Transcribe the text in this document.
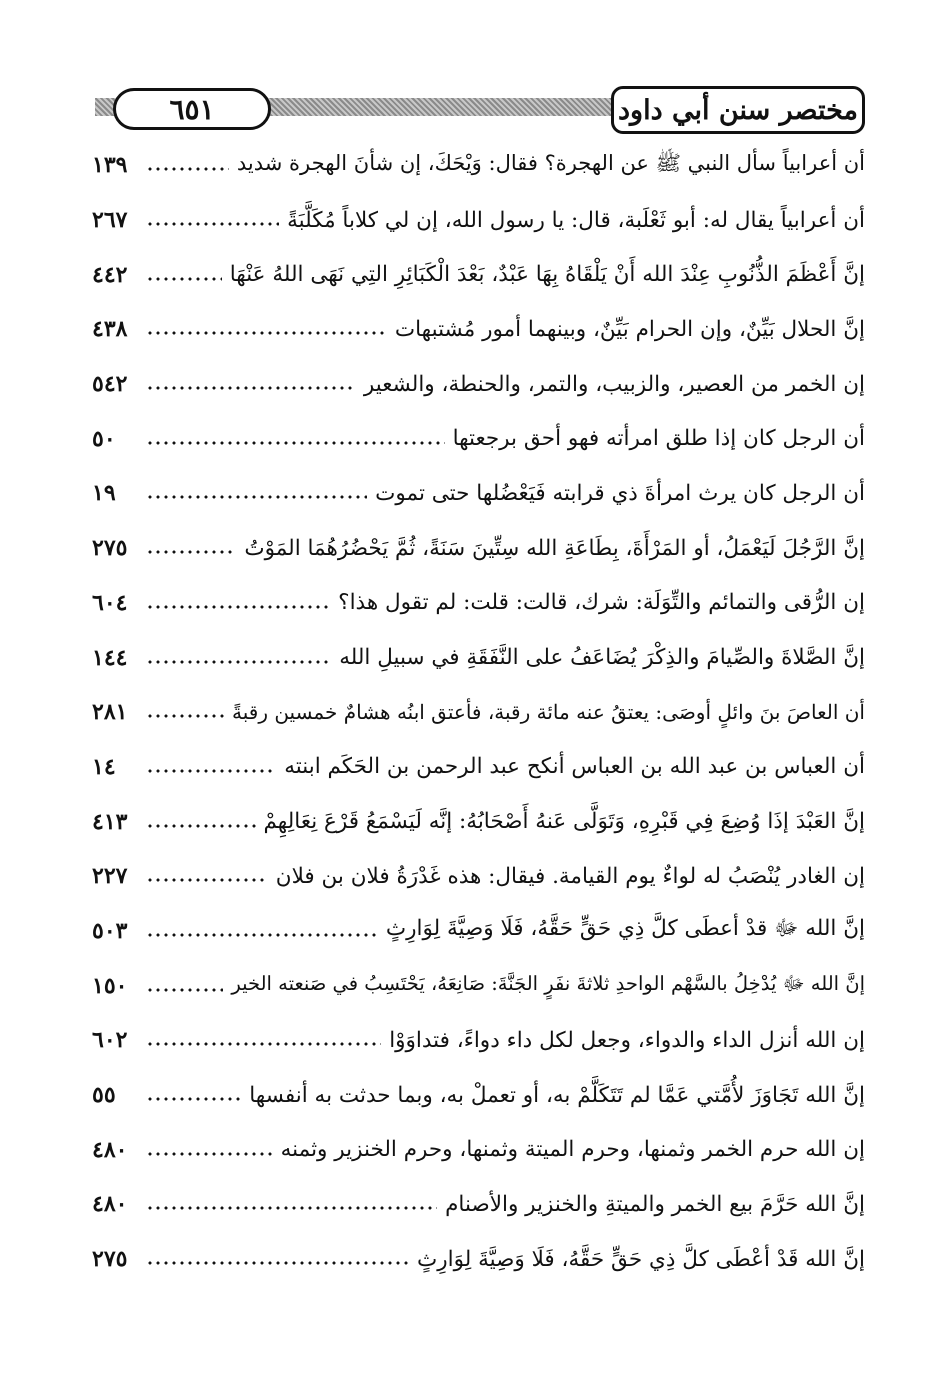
٦٥١	مختصر سنن أبي داود
أن أعرابياً سأل النبي ﷺ عن الهجرة؟ فقال: وَيْحَكَ، إن شأنَ الهجرة شديد
١٣٩
أن أعرابياً يقال له: أبو ثَعْلَبة، قال: يا رسول الله، إن لي كلاباً مُكَلَّبَةً
٢٦٧
إنَّ أَعْظَمَ الذُّنُوبِ عِنْدَ الله أَنْ يَلْقَاهُ بِهَا عَبْدٌ، بَعْدَ الْكَبَائِرِ التِي نَهَى اللهُ عَنْهَا
٤٤٢
إنَّ الحلال بَيِّنٌ، وإن الحرام بَيِّنٌ، وبينهما أمور مُشتبهات
٤٣٨
إن الخمر من العصير، والزبيب، والتمر، والحنطة، والشعير
٥٤٢
أن الرجل كان إذا طلق امرأته فهو أحق برجعتها
٥٠
أن الرجل كان يرث امرأةَ ذي قرابته فَيَعْضُلها حتى تموت
١٩
إنَّ الرَّجُلَ لَيَعْمَلُ، أو المَرْأَةَ، بِطَاعَةِ الله سِتِّينَ سَنَةً، ثُمَّ يَحْضُرُهُمَا المَوْتُ
٢٧٥
إن الرُّقى والتمائم والتِّوَلَة: شرك، قالت: قلت: لم تقول هذا؟
٦٠٤
إنَّ الصَّلاةَ والصِّيامَ والذِكْرَ يُضَاعَفُ على النَّفَقَةِ في سبيلِ الله
١٤٤
أن العاصَ بنَ وائلٍ أوصَى: يعتقُ عنه مائة رقبة، فأعتق ابنُه هشامٌ خمسين رقبةً
٢٨١
أن العباس بن عبد الله بن العباس أنكح عبد الرحمن بن الحَكَم ابنته
١٤
إنَّ العَبْدَ إذَا وُضِعَ فِي قَبْرِهِ، وَتَوَلَّى عَنهُ أَصْحَابُهُ: إنَّه لَيَسْمَعُ قَرْعَ نِعَالِهِمْ
٤١٣
إن الغادر يُنْصَبُ له لواءٌ يوم القيامة. فيقال: هذه غَدْرَةُ فلان بن فلان
٢٢٧
إنَّ الله ﷻ قدْ أعطَى كلَّ ذِي حَقٍّ حَقَّهُ، فَلَا وَصِيَّةَ لِوَارِثٍ
٥٠٣
إنَّ الله ﷻ يُدْخِلُ بالسَّهْم الواحدِ ثلاثةَ نفَرٍ الجَنَّةَ: صَانِعَهُ، يَحْتَسِبُ في صَنعته الخير
١٥٠
إن الله أنزل الداء والدواء، وجعل لكل داء دواءً، فتداوَوْا
٦٠٢
إنَّ الله تَجَاوَزَ لأُمَّتي عَمَّا لم تَتَكَلَّمْ به، أو تعملْ به، وبما حدثت به أنفسها
٥٥
إن الله حرم الخمر وثمنها، وحرم الميتة وثمنها، وحرم الخنزير وثمنه
٤٨٠
إنَّ الله حَرَّمَ بيع الخمر والميتةِ والخنزير والأصنام
٤٨٠
إنَّ الله قَدْ أعْطَى كلَّ ذِي حَقٍّ حَقَّهُ، فَلَا وَصِيَّةَ لِوَارِثٍ
٢٧٥
